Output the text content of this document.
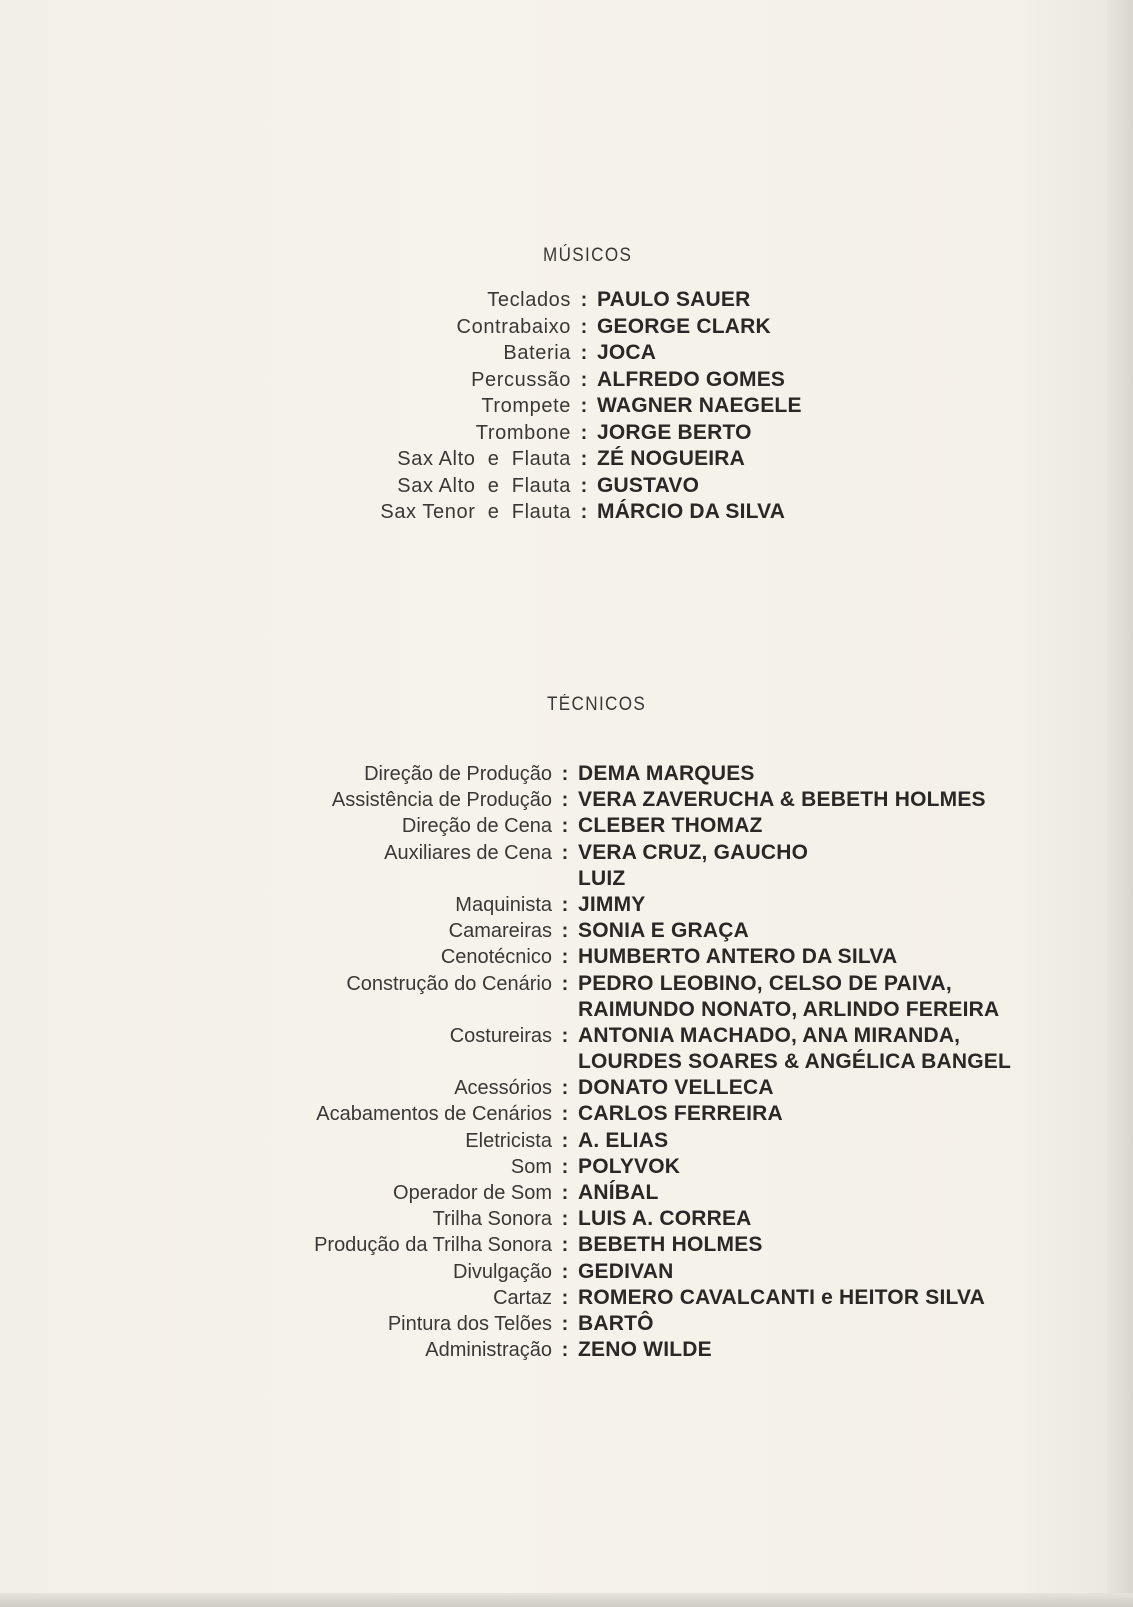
MÚSICOS
Teclados : PAULO SAUER
Contrabaixo : GEORGE CLARK
Bateria : JOCA
Percussão : ALFREDO GOMES
Trompete : WAGNER NAEGELE
Trombone : JORGE BERTO
Sax Alto  e  Flauta : ZÉ NOGUEIRA
Sax Alto  e  Flauta : GUSTAVO
Sax Tenor  e  Flauta : MÁRCIO DA SILVA
TÉCNICOS
Direção de Produção : DEMA MARQUES
Assistência de Produção : VERA ZAVERUCHA & BEBETH HOLMES
Direção de Cena : CLEBER THOMAZ
Auxiliares de Cena : VERA CRUZ, GAUCHO
LUIZ
Maquinista : JIMMY
Camareiras : SONIA E GRAÇA
Cenotécnico : HUMBERTO ANTERO DA SILVA
Construção do Cenário : PEDRO LEOBINO, CELSO DE PAIVA,
RAIMUNDO NONATO, ARLINDO FEREIRA
Costureiras : ANTONIA MACHADO, ANA MIRANDA,
LOURDES SOARES & ANGÉLICA BANGEL
Acessórios : DONATO VELLECA
Acabamentos de Cenários : CARLOS FERREIRA
Eletricista : A. ELIAS
Som : POLYVOK
Operador de Som : ANÍBAL
Trilha Sonora : LUIS A. CORREA
Produção da Trilha Sonora : BEBETH HOLMES
Divulgação : GEDIVAN
Cartaz : ROMERO CAVALCANTI e HEITOR SILVA
Pintura dos Telões : BARTÔ
Administração : ZENO WILDE
